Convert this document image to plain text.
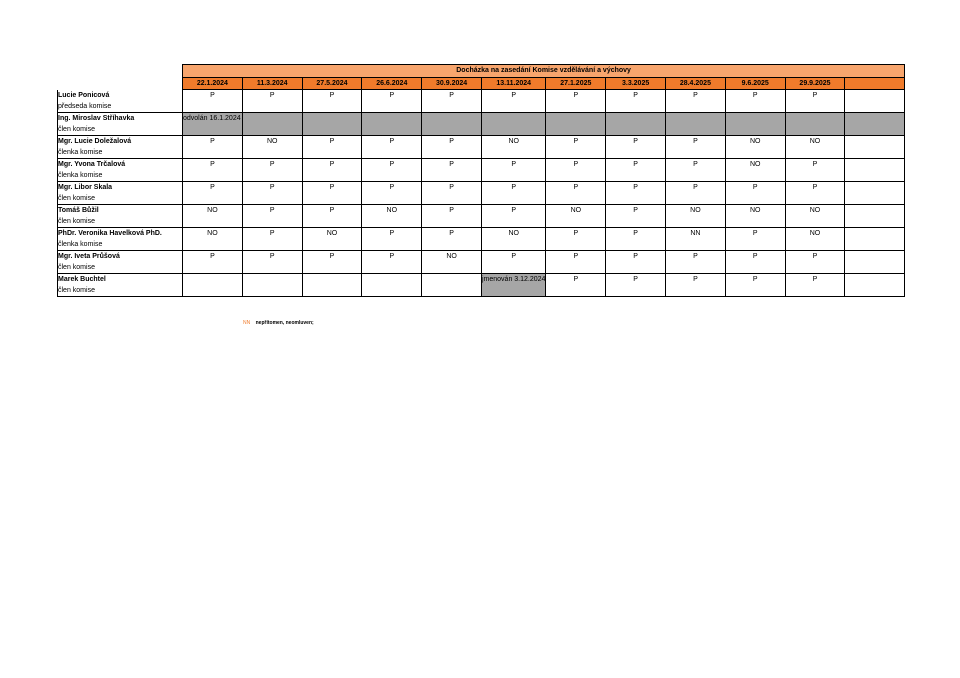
	Docházka na zasedání Komise vzdělávání a výchovy											
	22.1.2024	11.3.2024	27.5.2024	26.6.2024	30.9.2024	13.11.2024	27.1.2025	3.3.2025	28.4.2025	9.6.2025	29.9.2025	

Lucie Ponicová
předseda komise	P	P	P	P	P	P	P	P	P	P	P	

Ing. Miroslav Stříhavka
člen komise	odvolán 16.1.2024											

Mgr. Lucie Doležalová
členka komise	P	NO	P	P	P	NO	P	P	P	NO	NO	

Mgr. Yvona Trčalová
členka komise	P	P	P	P	P	P	P	P	P	NO	P	

Mgr. Libor Skala
člen komise	P	P	P	P	P	P	P	P	P	P	P	

Tomáš Bůžil
člen komise	NO	P	P	NO	P	P	NO	P	NO	NO	NO	

PhDr. Veronika Havelková PhD.
členka komise	NO	P	NO	P	P	NO	P	P	NN	P	NO	

Mgr. Iveta Průšová
člen komise	P	P	P	P	NO	P	P	P	P	P	P	

Marek Buchtel
člen komise						jmenován 3.12.2024	P	P	P	P	P	
NN nepřítomen, neomluven;
